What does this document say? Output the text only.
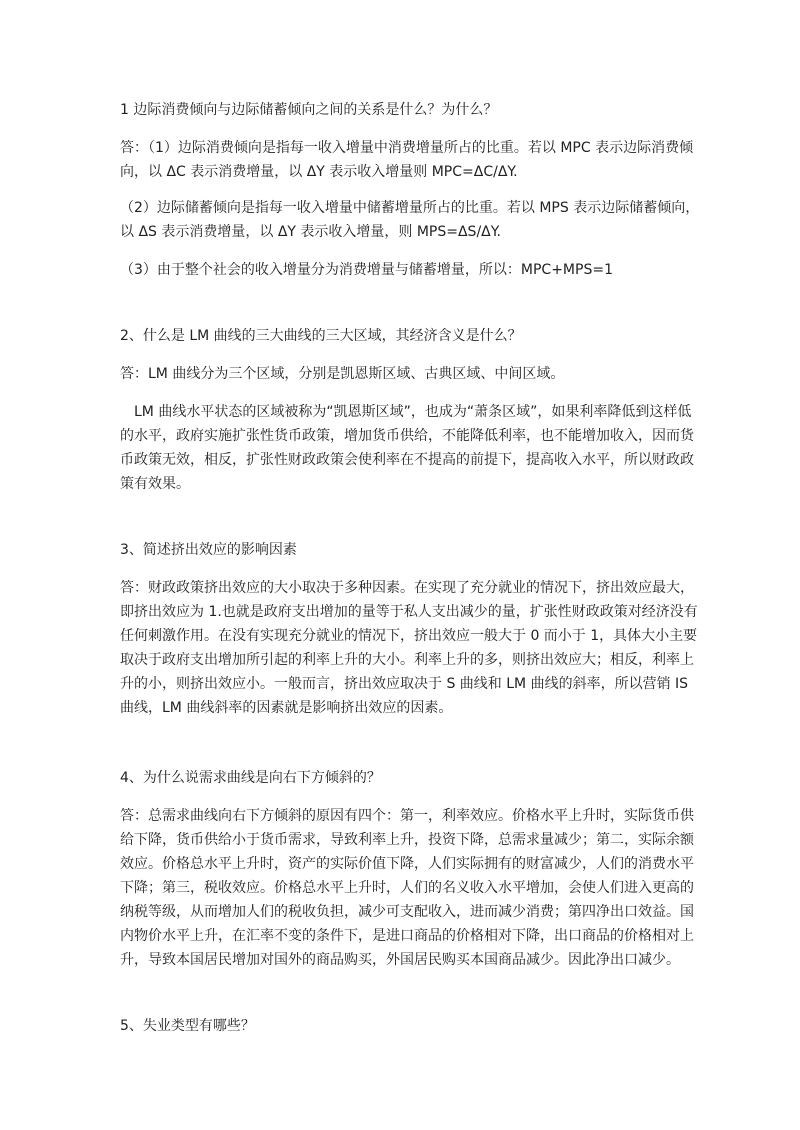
1 边际消费倾向与边际储蓄倾向之间的关系是什么？为什么？

答：（1）边际消费倾向是指每一收入增量中消费增量所占的比重。若以 MPC 表示边际消费倾向，以 ΔC 表示消费增量，以 ΔY 表示收入增量则 MPC=ΔC/ΔY.

（2）边际储蓄倾向是指每一收入增量中储蓄增量所占的比重。若以 MPS 表示边际储蓄倾向，以 ΔS 表示消费增量，以 ΔY 表示收入增量，则 MPS=ΔS/ΔY.

（3）由于整个社会的收入增量分为消费增量与储蓄增量，所以：MPC+MPS=1

2、什么是 LM 曲线的三大曲线的三大区域，其经济含义是什么？

答：LM 曲线分为三个区域，分别是凯恩斯区域、古典区域、中间区域。

LM 曲线水平状态的区域被称为“凯恩斯区域”，也成为“萧条区域”，如果利率降低到这样低的水平，政府实施扩张性货币政策，增加货币供给，不能降低利率，也不能增加收入，因而货币政策无效，相反，扩张性财政政策会使利率在不提高的前提下，提高收入水平，所以财政政策有效果。

3、简述挤出效应的影响因素

答：财政政策挤出效应的大小取决于多种因素。在实现了充分就业的情况下，挤出效应最大，即挤出效应为 1.也就是政府支出增加的量等于私人支出减少的量，扩张性财政政策对经济没有任何刺激作用。在没有实现充分就业的情况下，挤出效应一般大于 0 而小于 1，具体大小主要取决于政府支出增加所引起的利率上升的大小。利率上升的多，则挤出效应大；相反，利率上升的小，则挤出效应小。一般而言，挤出效应取决于 S 曲线和 LM 曲线的斜率，所以营销 IS 曲线，LM 曲线斜率的因素就是影响挤出效应的因素。

4、为什么说需求曲线是向右下方倾斜的？

答：总需求曲线向右下方倾斜的原因有四个：第一，利率效应。价格水平上升时，实际货币供给下降，货币供给小于货币需求，导致利率上升，投资下降，总需求量减少；第二，实际余额效应。价格总水平上升时，资产的实际价值下降，人们实际拥有的财富减少，人们的消费水平下降；第三，税收效应。价格总水平上升时，人们的名义收入水平增加，会使人们进入更高的纳税等级，从而增加人们的税收负担，减少可支配收入，进而减少消费；第四净出口效益。国内物价水平上升，在汇率不变的条件下，是进口商品的价格相对下降，出口商品的价格相对上升，导致本国居民增加对国外的商品购买，外国居民购买本国商品减少。因此净出口减少。

5、失业类型有哪些？
